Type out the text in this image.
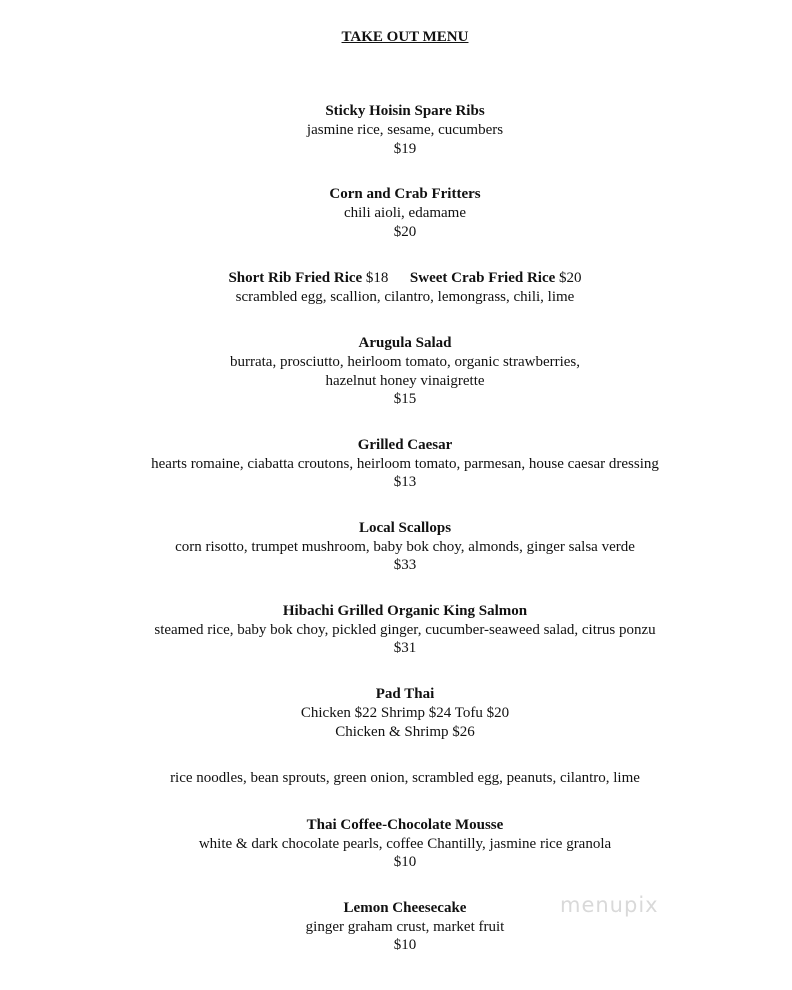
TAKE OUT MENU
Sticky Hoisin Spare Ribs
jasmine rice, sesame, cucumbers
$19
Corn and Crab Fritters
chili aioli, edamame
$20
Short Rib Fried Rice $18 Sweet Crab Fried Rice $20
scrambled egg, scallion, cilantro, lemongrass, chili, lime
Arugula Salad
burrata, prosciutto, heirloom tomato, organic strawberries,
hazelnut honey vinaigrette
$15
Grilled Caesar
hearts romaine, ciabatta croutons, heirloom tomato, parmesan, house caesar dressing
$13
Local Scallops
corn risotto, trumpet mushroom, baby bok choy, almonds, ginger salsa verde
$33
Hibachi Grilled Organic King Salmon
steamed rice, baby bok choy, pickled ginger, cucumber-seaweed salad, citrus ponzu
$31
Pad Thai
Chicken $22 Shrimp $24 Tofu $20
Chicken & Shrimp $26
rice noodles, bean sprouts, green onion, scrambled egg, peanuts, cilantro, lime
Thai Coffee-Chocolate Mousse
white & dark chocolate pearls, coffee Chantilly, jasmine rice granola
$10
Lemon Cheesecake
ginger graham crust, market fruit
$10
menupix
